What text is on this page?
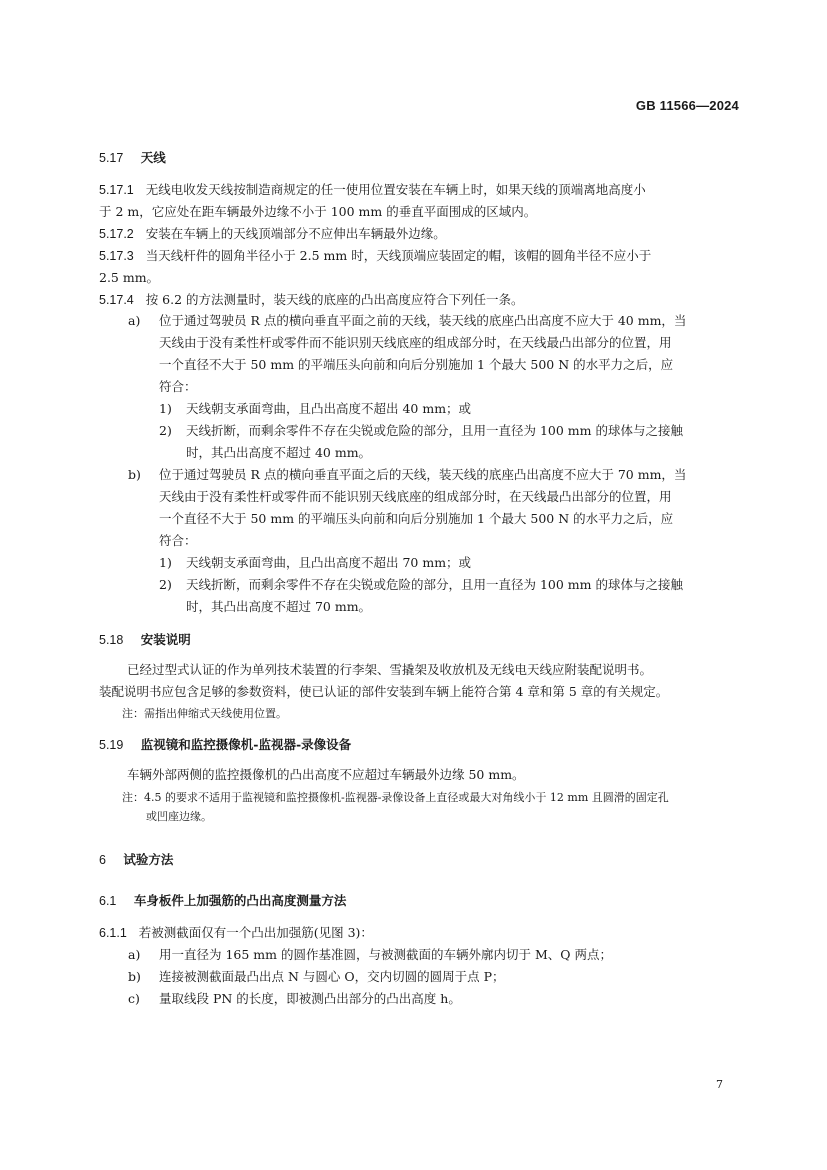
GB 11566—2024
5.17 天线
5.17.1 无线电收发天线按制造商规定的任一使用位置安装在车辆上时，如果天线的顶端离地高度小
于 2 m，它应处在距车辆最外边缘不小于 100 mm 的垂直平面围成的区域内。
5.17.2 安装在车辆上的天线顶端部分不应伸出车辆最外边缘。
5.17.3 当天线杆件的圆角半径小于 2.5 mm 时，天线顶端应装固定的帽，该帽的圆角半径不应小于
2.5 mm。
5.17.4 按 6.2 的方法测量时，装天线的底座的凸出高度应符合下列任一条。
a) 位于通过驾驶员 R 点的横向垂直平面之前的天线，装天线的底座凸出高度不应大于 40 mm，当
天线由于没有柔性杆或零件而不能识别天线底座的组成部分时，在天线最凸出部分的位置，用
一个直径不大于 50 mm 的平端压头向前和向后分别施加 1 个最大 500 N 的水平力之后，应
符合：
1) 天线朝支承面弯曲，且凸出高度不超出 40 mm；或
2) 天线折断，而剩余零件不存在尖锐或危险的部分，且用一直径为 100 mm 的球体与之接触
时，其凸出高度不超过 40 mm。
b) 位于通过驾驶员 R 点的横向垂直平面之后的天线，装天线的底座凸出高度不应大于 70 mm，当
天线由于没有柔性杆或零件而不能识别天线底座的组成部分时，在天线最凸出部分的位置，用
一个直径不大于 50 mm 的平端压头向前和向后分别施加 1 个最大 500 N 的水平力之后，应
符合：
1) 天线朝支承面弯曲，且凸出高度不超出 70 mm；或
2) 天线折断，而剩余零件不存在尖锐或危险的部分，且用一直径为 100 mm 的球体与之接触
时，其凸出高度不超过 70 mm。
5.18 安装说明
已经过型式认证的作为单列技术装置的行李架、雪撬架及收放机及无线电天线应附装配说明书。
装配说明书应包含足够的参数资料，使已认证的部件安装到车辆上能符合第 4 章和第 5 章的有关规定。
注：需指出伸缩式天线使用位置。
5.19 监视镜和监控摄像机-监视器-录像设备
车辆外部两侧的监控摄像机的凸出高度不应超过车辆最外边缘 50 mm。
注：4.5 的要求不适用于监视镜和监控摄像机-监视器-录像设备上直径或最大对角线小于 12 mm 且圆滑的固定孔
或凹座边缘。
6 试验方法
6.1 车身板件上加强筋的凸出高度测量方法
6.1.1 若被测截面仅有一个凸出加强筋(见图 3)：
a) 用一直径为 165 mm 的圆作基准圆，与被测截面的车辆外廓内切于 M、Q 两点；
b) 连接被测截面最凸出点 N 与圆心 O，交内切圆的圆周于点 P；
c) 量取线段 PN 的长度，即被测凸出部分的凸出高度 h。
7
